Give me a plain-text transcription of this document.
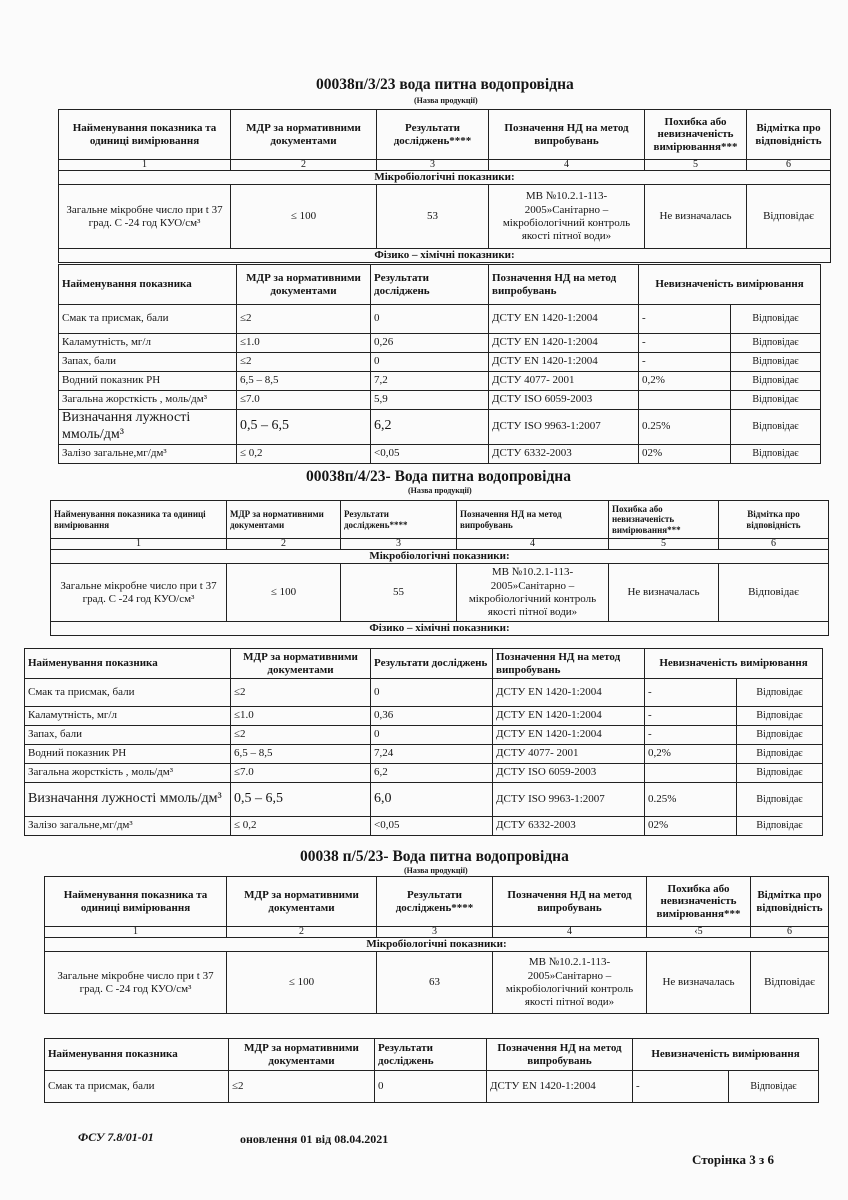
00038п/3/23 вода питна водопровідна
(Назва продукції)
Найменування показника та одиниці вимірювання	МДР за нормативними документами	Результати досліджень****	Позначення НД на метод випробувань	Похибка або невизначеність вимірювання***	Відмітка про відповідність
1	2	3	4	5	6
Мікробіологічні показники:					
Загальне мікробне число при t 37 град. С -24 год КУО/см³	≤ 100	53	МВ №10.2.1-113-2005»Санітарно – мікробіологічний контроль якості пітної води»	Не визначалась	Відповідає
Фізико – хімічні показники:					
Найменування показника	МДР за нормативними документами	Результати досліджень	Позначення НД на метод випробувань	Невизначеність вимірювання	
Смак та присмак, бали	≤2	0	ДСТУ EN 1420-1:2004	-	Відповідає
Каламутність, мг/л	≤1.0	0,26	ДСТУ EN 1420-1:2004	-	Відповідає
Запах, бали	≤2	0	ДСТУ EN 1420-1:2004	-	Відповідає
Водний показник РН	6,5 – 8,5	7,2	ДСТУ 4077- 2001	0,2%	Відповідає
Загальна жорсткість , моль/дм³	≤7.0	5,9	ДСТУ ISO 6059-2003		Відповідає
Визначання лужності ммоль/дм³	0,5 – 6,5	6,2	ДСТУ ISO 9963-1:2007	0.25%	Відповідає
Залізо загальне,мг/дм³	≤ 0,2	<0,05	ДСТУ 6332-2003	02%	Відповідає
00038п/4/23- Вода питна водопровідна
(Назва продукції)
Найменування показника та одиниці вимірювання	МДР за нормативними документами	Результати досліджень****	Позначення НД на метод випробувань	Похибка або невизначеність вимірювання***	Відмітка про відповідність
1	2	3	4	5	6
Мікробіологічні показники:					
Загальне мікробне число при t 37 град. С -24 год КУО/см³	≤ 100	55	МВ №10.2.1-113-2005»Санітарно – мікробіологічний контроль якості пітної води»	Не визначалась	Відповідає
Фізико – хімічні показники:					
Найменування показника	МДР за нормативними документами	Результати досліджень	Позначення НД на метод випробувань	Невизначеність вимірювання	
Смак та присмак, бали	≤2	0	ДСТУ EN 1420-1:2004	-	Відповідає
Каламутність, мг/л	≤1.0	0,36	ДСТУ EN 1420-1:2004	-	Відповідає
Запах, бали	≤2	0	ДСТУ EN 1420-1:2004	-	Відповідає
Водний показник РН	6,5 – 8,5	7,24	ДСТУ 4077- 2001	0,2%	Відповідає
Загальна жорсткість , моль/дм³	≤7.0	6,2	ДСТУ ISO 6059-2003		Відповідає
Визначання лужності ммоль/дм³	0,5 – 6,5	6,0	ДСТУ ISO 9963-1:2007	0.25%	Відповідає
Залізо загальне,мг/дм³	≤ 0,2	<0,05	ДСТУ 6332-2003	02%	Відповідає
00038 п/5/23- Вода питна водопровідна
(Назва продукції)
Найменування показника та одиниці вимірювання	МДР за нормативними документами	Результати досліджень****	Позначення НД на метод випробувань	Похибка або невизначеність вимірювання***	Відмітка про відповідність
1	2	3	4	‹5	6
Мікробіологічні показники:					
Загальне мікробне число при t 37 град. С -24 год КУО/см³	≤ 100	63	МВ №10.2.1-113-2005»Санітарно – мікробіологічний контроль якості пітної води»	Не визначалась	Відповідає
Найменування показника	МДР за нормативними документами	Результати досліджень	Позначення НД на метод випробувань	Невизначеність вимірювання	
Смак та присмак, бали	≤2	0	ДСТУ EN 1420-1:2004	-	Відповідає
ФСУ 7.8/01-01	оновлення 01 від 08.04.2021
Сторінка 3 з 6
